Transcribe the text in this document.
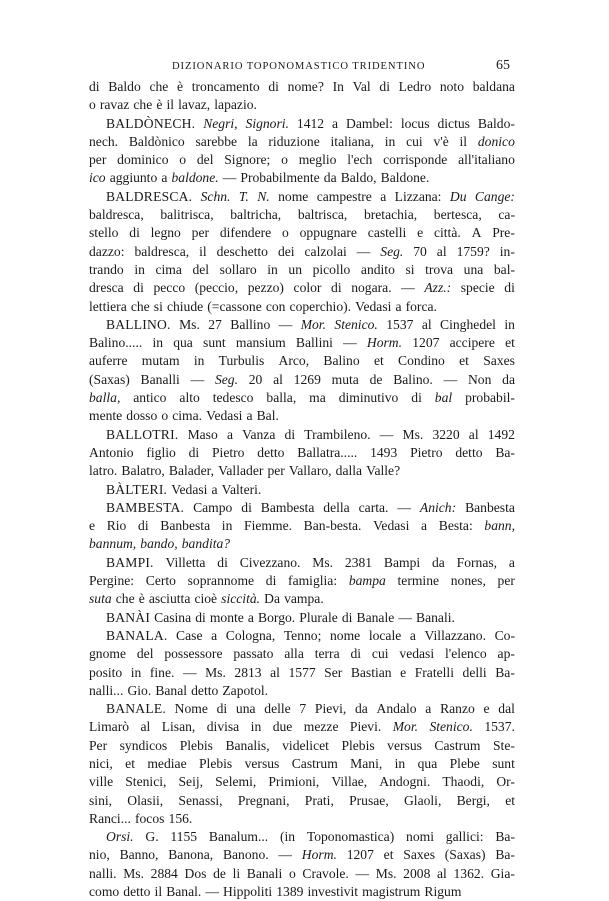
DIZIONARIO TOPONOMASTICO TRIDENTINO	65
di Baldo che è troncamento di nome? In Val di Ledro noto baldana
o ravaz che è il lavaz, lapazio.
BALDÒNECH. Negri, Signori. 1412 a Dambel: locus dictus Baldo-
nech. Baldònico sarebbe la riduzione italiana, in cui v'è il donico
per dominico o del Signore; o meglio l'ech corrisponde all'italiano
ico aggiunto a baldone. — Probabilmente da Baldo, Baldone.
BALDRESCA. Schn. T. N. nome campestre a Lizzana: Du Cange:
baldresca, balitrisca, baltricha, baltrisca, bretachia, bertesca, ca-
stello di legno per difendere o oppugnare castelli e città. A Pre-
dazzo: baldresca, il deschetto dei calzolai — Seg. 70 al 1759? in-
trando in cima del sollaro in un picollo andito si trova una bal-
dresca di pecco (peccio, pezzo) color di nogara. — Azz.: specie di
lettiera che si chiude (=cassone con coperchio). Vedasi a forca.
BALLINO. Ms. 27 Ballino — Mor. Stenico. 1537 al Cinghedel in
Balino..... in qua sunt mansium Ballini — Horm. 1207 accipere et
auferre mutam in Turbulis Arco, Balino et Condino et Saxes
(Saxas) Banalli — Seg. 20 al 1269 muta de Balino. — Non da
balla, antico alto tedesco balla, ma diminutivo di bal probabil-
mente dosso o cima. Vedasi a Bal.
BALLOTRI. Maso a Vanza di Trambileno. — Ms. 3220 al 1492
Antonio figlio di Pietro detto Ballatra..... 1493 Pietro detto Ba-
latro. Balatro, Balader, Vallader per Vallaro, dalla Valle?
BÀLTERI. Vedasi a Valteri.
BAMBESTA. Campo di Bambesta della carta. — Anich: Banbesta
e Rio di Banbesta in Fiemme. Ban-besta. Vedasi a Besta: bann,
bannum, bando, bandita?
BAMPI. Villetta di Civezzano. Ms. 2381 Bampi da Fornas, a
Pergine: Certo soprannome di famiglia: bampa termine nones, per
suta che è asciutta cioè siccità. Da vampa.
BANÀI Casina di monte a Borgo. Plurale di Banale — Banali.
BANALA. Case a Cologna, Tenno; nome locale a Villazzano. Co-
gnome del possessore passato alla terra di cui vedasi l'elenco ap-
posito in fine. — Ms. 2813 al 1577 Ser Bastian e Fratelli delli Ba-
nalli... Gio. Banal detto Zapotol.
BANALE. Nome di una delle 7 Pievi, da Andalo a Ranzo e dal
Limarò al Lisan, divisa in due mezze Pievi. Mor. Stenico. 1537.
Per syndicos Plebis Banalis, videlicet Plebis versus Castrum Ste-
nici, et mediae Plebis versus Castrum Mani, in qua Plebe sunt
ville Stenici, Seij, Selemi, Primioni, Villae, Andogni. Thaodi, Or-
sini, Olasii, Senassi, Pregnani, Prati, Prusae, Glaoli, Bergi, et
Ranci... focos 156.
Orsi. G. 1155 Banalum... (in Toponomastica) nomi gallici: Ba-
nio, Banno, Banona, Banono. — Horm. 1207 et Saxes (Saxas) Ba-
nalli. Ms. 2884 Dos de li Banali o Cravole. — Ms. 2008 al 1362. Gia-
como detto il Banal. — Hippoliti 1389 investivit magistrum Rigum
